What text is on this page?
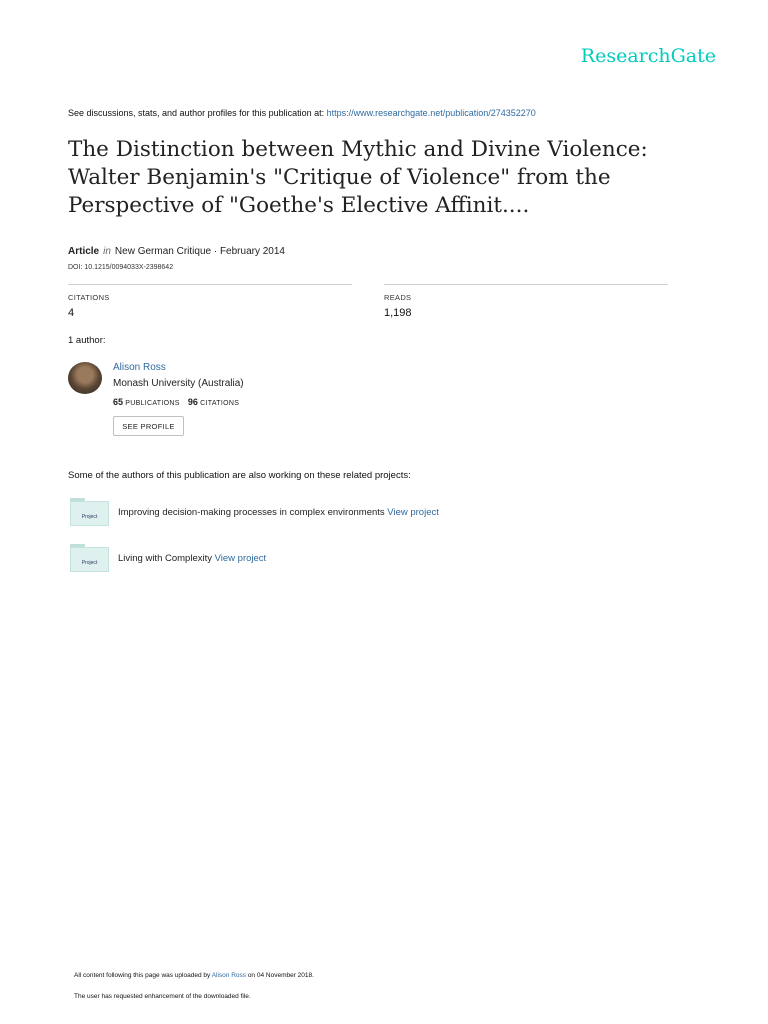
ResearchGate
See discussions, stats, and author profiles for this publication at: https://www.researchgate.net/publication/274352270
The Distinction between Mythic and Divine Violence: Walter Benjamin's "Critique of Violence" from the Perspective of "Goethe's Elective Affinit....
Article in New German Critique · February 2014
DOI: 10.1215/0094033X-2398642
CITATIONS
4
READS
1,198
1 author:
Alison Ross
Monash University (Australia)
65 PUBLICATIONS 96 CITATIONS
SEE PROFILE
Some of the authors of this publication are also working on these related projects:
Project	Improving decision-making processes in complex environments View project
Project	Living with Complexity View project
All content following this page was uploaded by Alison Ross on 04 November 2018.
The user has requested enhancement of the downloaded file.
